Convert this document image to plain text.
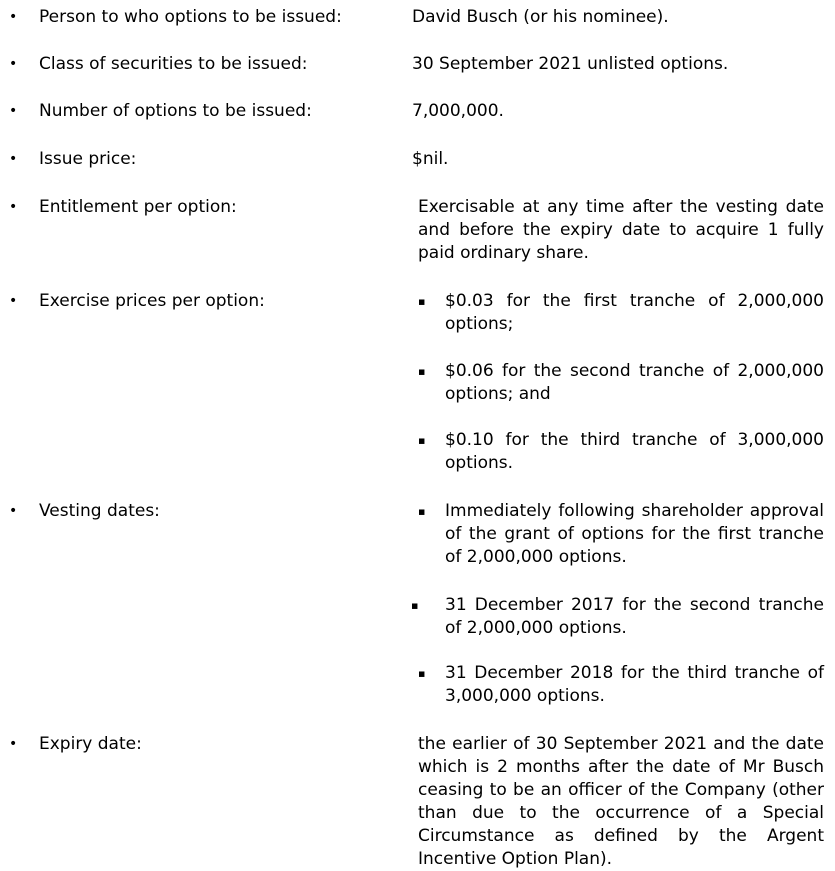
• Person to who options to be issued:	David Busch (or his nominee).
• Class of securities to be issued:	30 September 2021 unlisted options.
• Number of options to be issued:	7,000,000.
• Issue price:	$nil.
• Entitlement per option:	Exercisable at any time after the vesting date and before the expiry date to acquire 1 fully paid ordinary share.
• Exercise prices per option:	▪ $0.03 for the first tranche of 2,000,000 options;
▪ $0.06 for the second tranche of 2,000,000 options; and
▪ $0.10 for the third tranche of 3,000,000 options.
• Vesting dates:	▪ Immediately following shareholder approval of the grant of options for the first tranche of 2,000,000 options.
▪ 31 December 2017 for the second tranche of 2,000,000 options.
▪ 31 December 2018 for the third tranche of 3,000,000 options.
• Expiry date:	the earlier of 30 September 2021 and the date which is 2 months after the date of Mr Busch ceasing to be an officer of the Company (other than due to the occurrence of a Special Circumstance as defined by the Argent Incentive Option Plan).
